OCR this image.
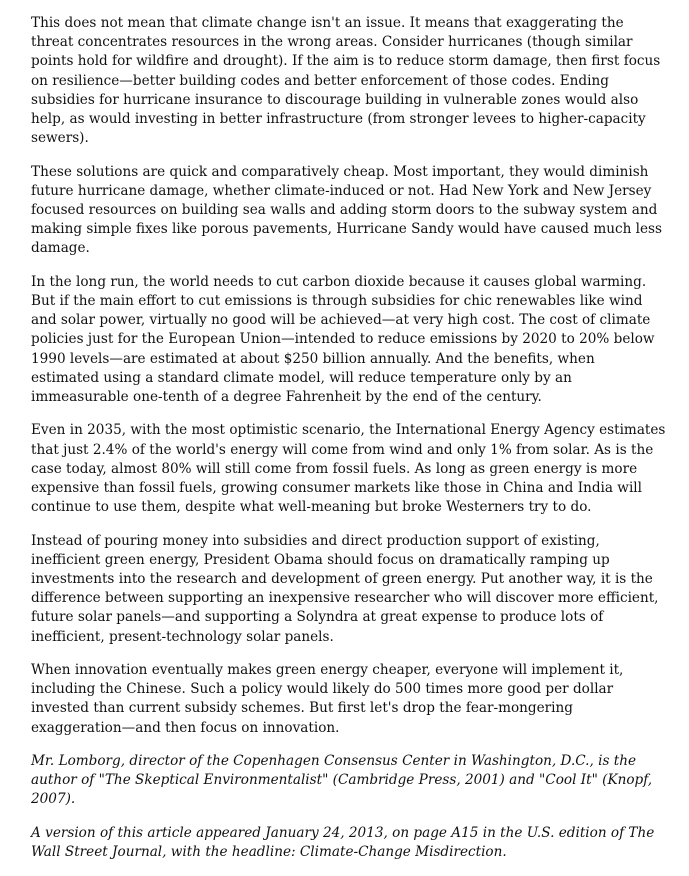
This does not mean that climate change isn't an issue. It means that exaggerating the threat concentrates resources in the wrong areas. Consider hurricanes (though similar points hold for wildfire and drought). If the aim is to reduce storm damage, then first focus on resilience—better building codes and better enforcement of those codes. Ending subsidies for hurricane insurance to discourage building in vulnerable zones would also help, as would investing in better infrastructure (from stronger levees to higher-capacity sewers).

These solutions are quick and comparatively cheap. Most important, they would diminish future hurricane damage, whether climate-induced or not. Had New York and New Jersey focused resources on building sea walls and adding storm doors to the subway system and making simple fixes like porous pavements, Hurricane Sandy would have caused much less damage.

In the long run, the world needs to cut carbon dioxide because it causes global warming. But if the main effort to cut emissions is through subsidies for chic renewables like wind and solar power, virtually no good will be achieved—at very high cost. The cost of climate policies just for the European Union—intended to reduce emissions by 2020 to 20% below 1990 levels—are estimated at about $250 billion annually. And the benefits, when estimated using a standard climate model, will reduce temperature only by an immeasurable one-tenth of a degree Fahrenheit by the end of the century.

Even in 2035, with the most optimistic scenario, the International Energy Agency estimates that just 2.4% of the world's energy will come from wind and only 1% from solar. As is the case today, almost 80% will still come from fossil fuels. As long as green energy is more expensive than fossil fuels, growing consumer markets like those in China and India will continue to use them, despite what well-meaning but broke Westerners try to do.

Instead of pouring money into subsidies and direct production support of existing, inefficient green energy, President Obama should focus on dramatically ramping up investments into the research and development of green energy. Put another way, it is the difference between supporting an inexpensive researcher who will discover more efficient, future solar panels—and supporting a Solyndra at great expense to produce lots of inefficient, present-technology solar panels.

When innovation eventually makes green energy cheaper, everyone will implement it, including the Chinese. Such a policy would likely do 500 times more good per dollar invested than current subsidy schemes. But first let's drop the fear-mongering exaggeration—and then focus on innovation.

Mr. Lomborg, director of the Copenhagen Consensus Center in Washington, D.C., is the author of "The Skeptical Environmentalist" (Cambridge Press, 2001) and "Cool It" (Knopf, 2007).

A version of this article appeared January 24, 2013, on page A15 in the U.S. edition of The Wall Street Journal, with the headline: Climate-Change Misdirection.
